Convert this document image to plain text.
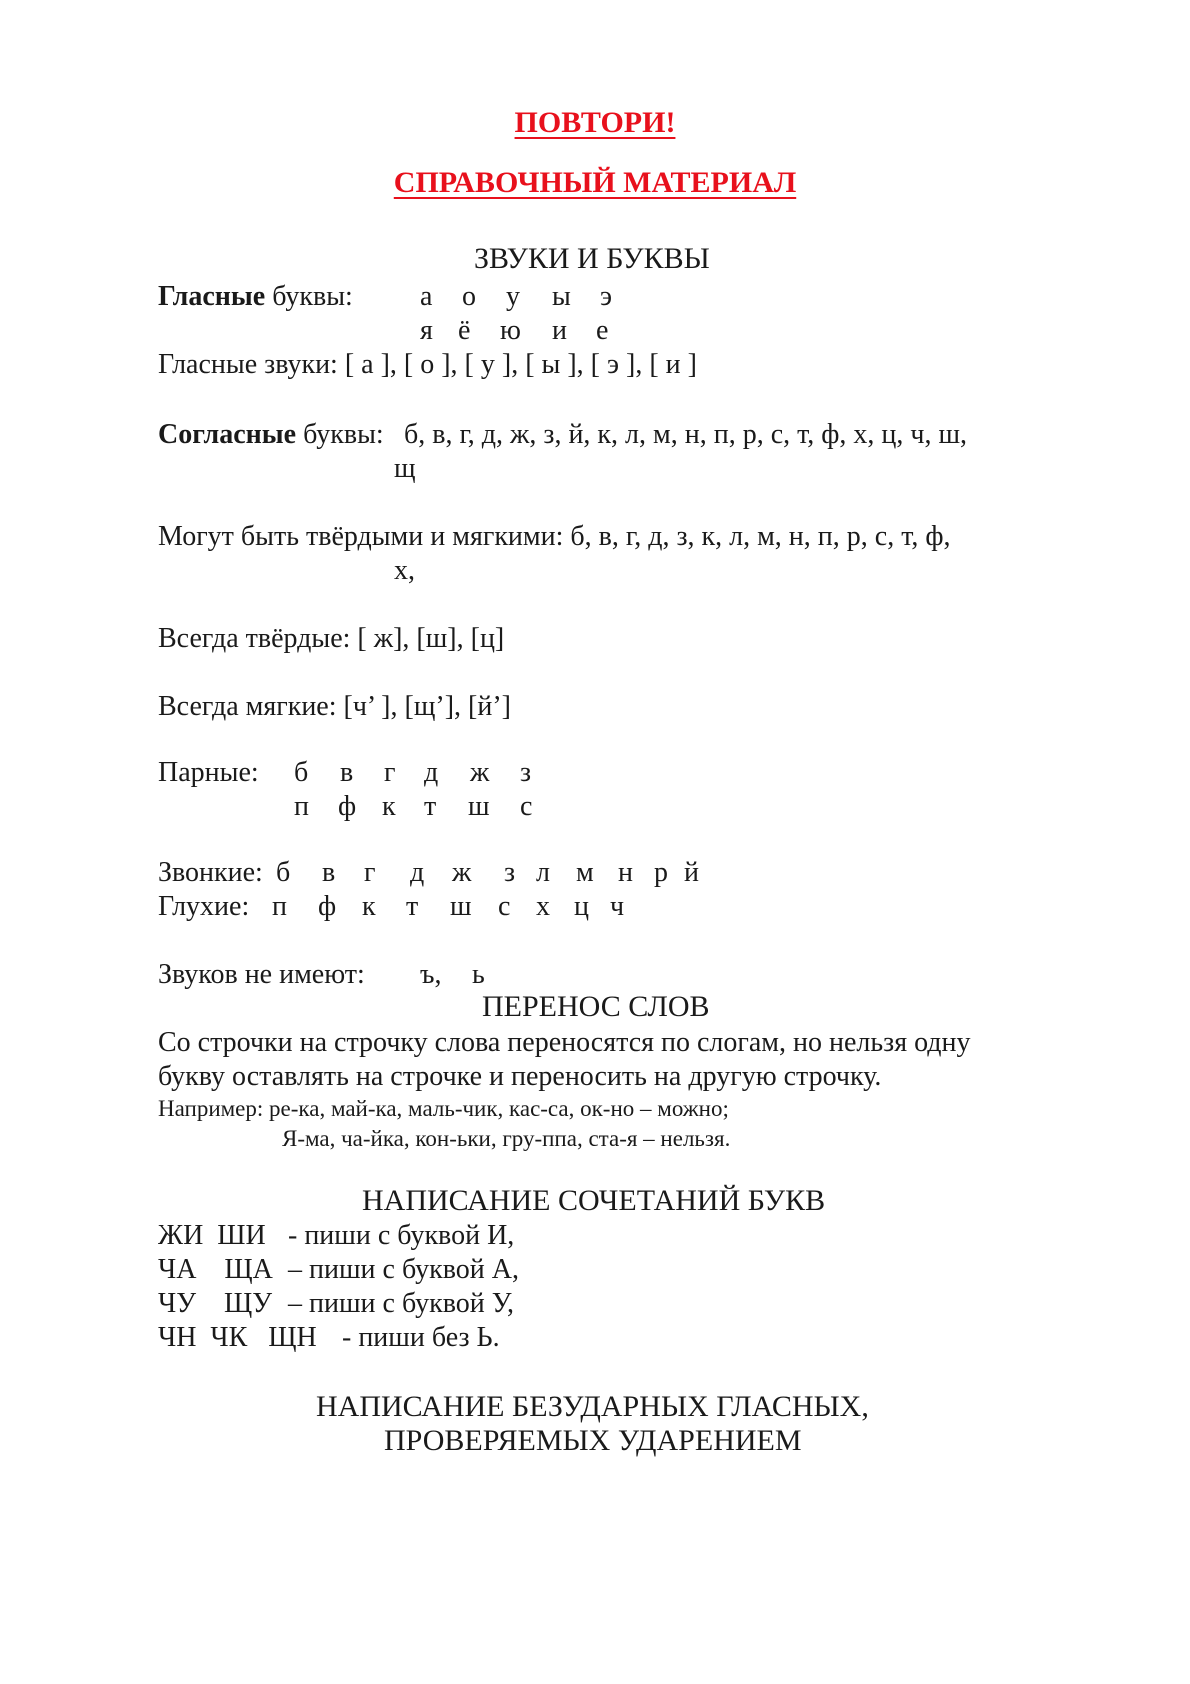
ПОВТОРИ!
СПРАВОЧНЫЙ МАТЕРИАЛ
ЗВУКИ И БУКВЫ
Гласные буквы: а о у ы э
я ё ю и е
Гласные звуки: [ а ], [ о ], [ у ], [ ы ], [ э ], [ и ]
Согласные буквы: б, в, г, д, ж, з, й, к, л, м, н, п, р, с, т, ф, х, ц, ч, ш,
щ
Могут быть твёрдыми и мягкими: б, в, г, д, з, к, л, м, н, п, р, с, т, ф,
х,
Всегда твёрдые: [ ж], [ш], [ц]
Всегда мягкие: [ч’ ], [щ’], [й’]
Парные: б в г д ж з
п ф к т ш с
Звонкие: б в г д ж з л м н р й
Глухие: п ф к т ш с х ц ч
Звуков не имеют: ъ, ь
ПЕРЕНОС СЛОВ
Со строчки на строчку слова переносятся по слогам, но нельзя одну
букву оставлять на строчке и переносить на другую строчку.
Например: ре-ка, май-ка, маль-чик, кас-са, ок-но – можно;
Я-ма, ча-йка, кон-ьки, гру-ппа, ста-я – нельзя.
НАПИСАНИЕ СОЧЕТАНИЙ БУКВ
ЖИ  ШИ - пиши с буквой И,
ЧА    ЩА – пиши с буквой А,
ЧУ    ЩУ – пиши с буквой У,
ЧН  ЧК   ЩН - пиши без Ь.
НАПИСАНИЕ БЕЗУДАРНЫХ ГЛАСНЫХ,
ПРОВЕРЯЕМЫХ УДАРЕНИЕМ
